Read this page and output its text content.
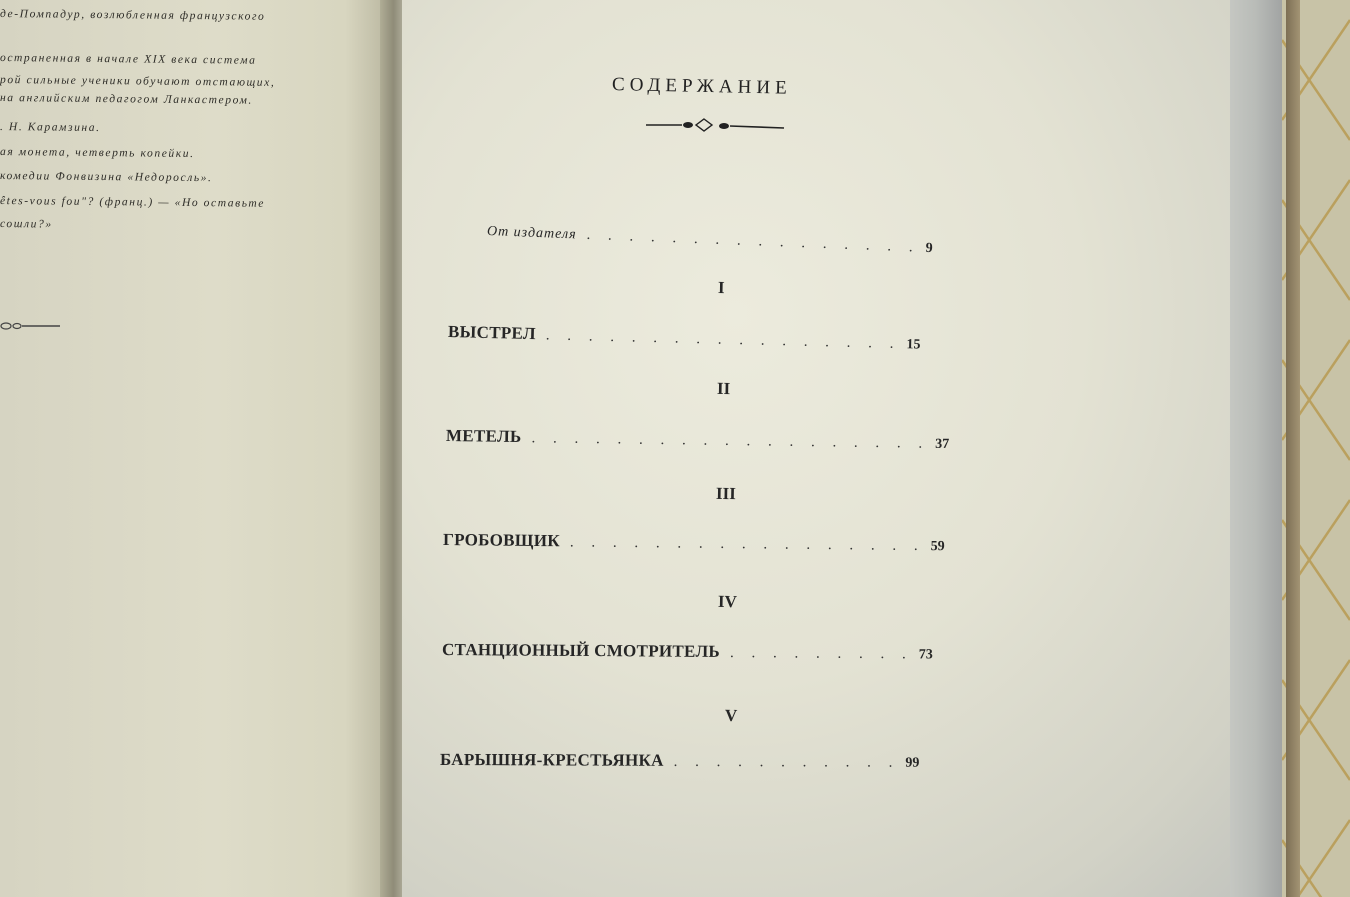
де-Помпадур, возлюбленная французского
остраненная в начале XIX века система
рой сильные ученики обучают отстающих,
на английским педагогом Ланкастером.
. Н. Карамзина.
ая монета, четверть копейки.
комедии Фонвизина «Недоросль».
êtes-vous fou"? (франц.) — «Но оставьте
сошли?»
СОДЕРЖАНИЕ
От издателя . . . . . . . . . . . . . . . . 9
I
ВЫСТРЕЛ . . . . . . . . . . . . . . . . . 15
II
МЕТЕЛЬ . . . . . . . . . . . . . . . . . . . 37
III
ГРОБОВЩИК . . . . . . . . . . . . . . . . . 59
IV
СТАНЦИОННЫЙ СМОТРИТЕЛЬ . . . . . . . . . 73
V
БАРЫШНЯ-КРЕСТЬЯНКА . . . . . . . . . . . 99
